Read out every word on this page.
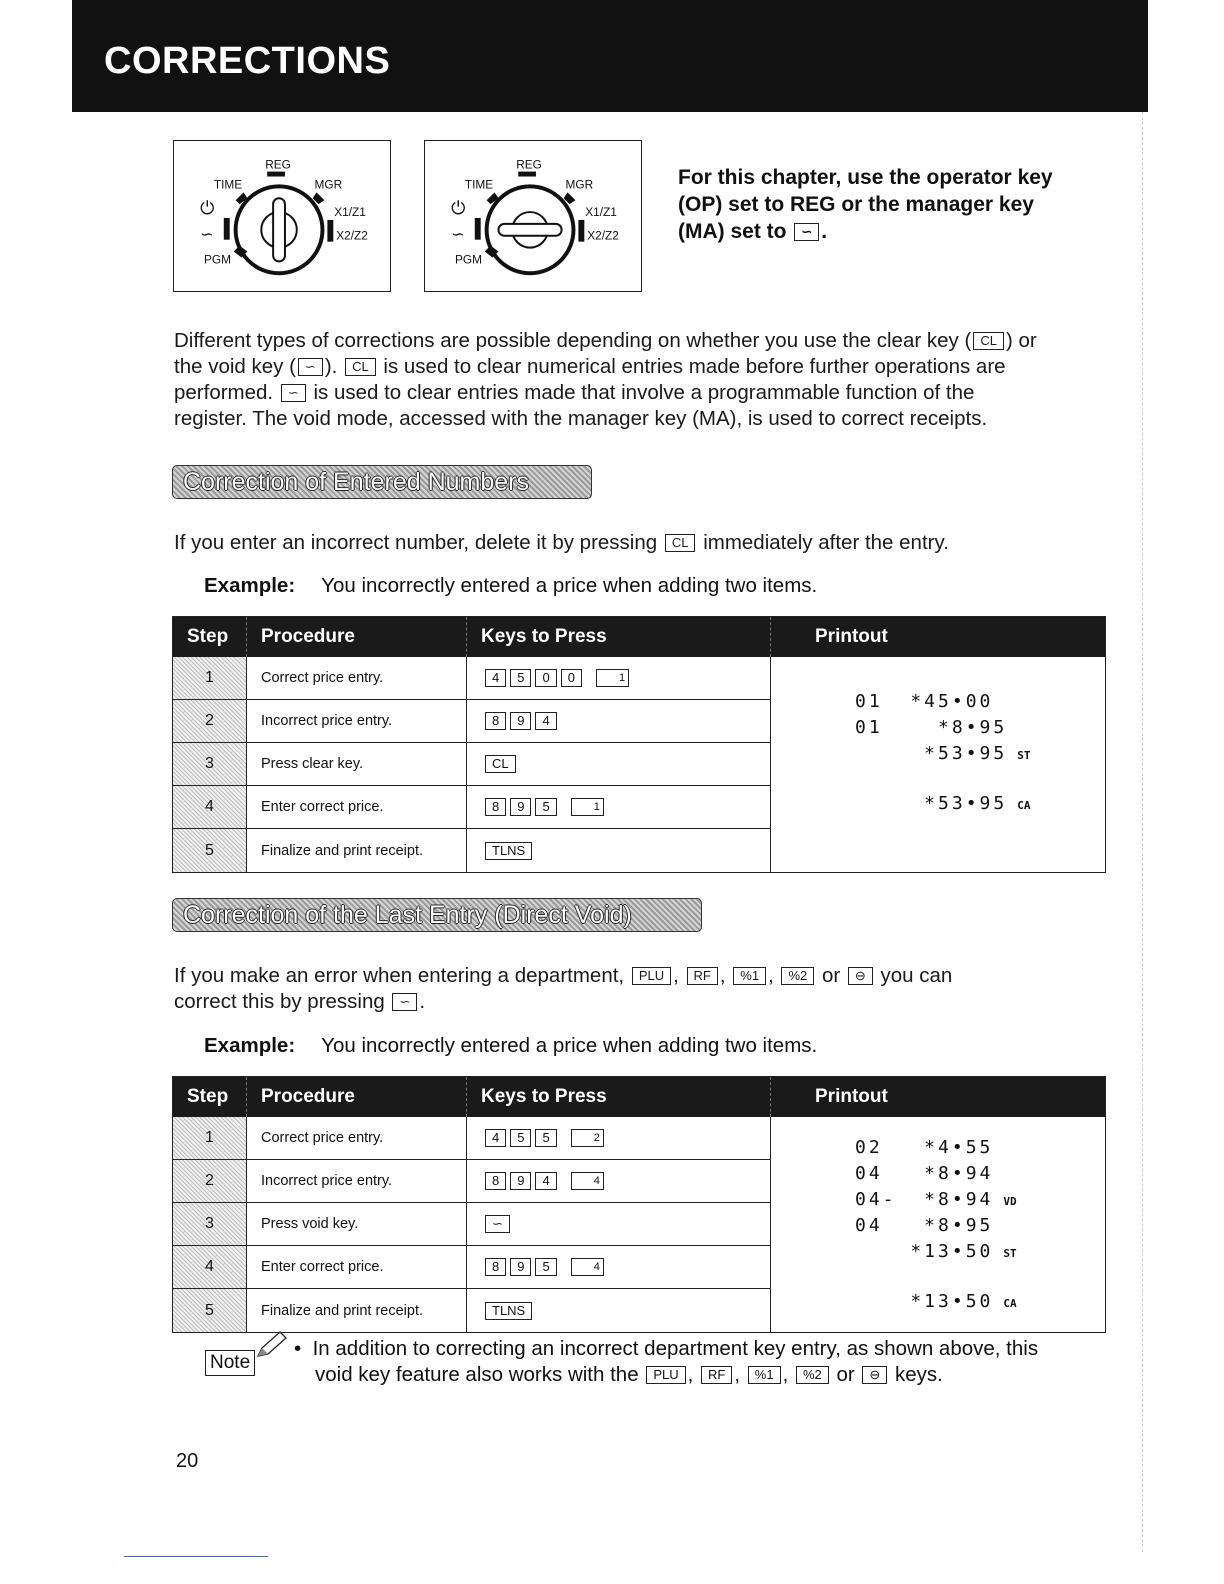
CORRECTIONS
REG
TIME	MGR
⏻	X1/Z1
∽	X2/Z2
PGM
REG
TIME	MGR
⏻	X1/Z1
∽	X2/Z2
PGM
For this chapter, use the operator key
(OP) set to REG or the manager key
(MA) set to ∽ .
Different types of corrections are possible depending on whether you use the clear key ( CL ) or
the void key ( ∽ ). CL is used to clear numerical entries made before further operations are
performed. ∽ is used to clear entries made that involve a programmable function of the
register. The void mode, accessed with the manager key (MA), is used to correct receipts.
Correction of Entered Numbers
If you enter an incorrect number, delete it by pressing CL immediately after the entry.
Example: You incorrectly entered a price when adding two items.
Step	Procedure	Keys to Press	Printout
1	Correct price entry.	4	5	0	0	1
2	Incorrect price entry.	8	9	4
3	Press clear key.	CL
4	Enter correct price.	8	9	5	1
5	Finalize and print receipt.	TLNS
01  *45•00
01    *8•95
*53•95 ST
*53•95 CA
Correction of the Last Entry (Direct Void)
If you make an error when entering a department, PLU , RF , %1 , %2 or ⊖ you can
correct this by pressing ∽ .
Example: You incorrectly entered a price when adding two items.
Step	Procedure	Keys to Press	Printout
1	Correct price entry.	4	5	5	2
2	Incorrect price entry.	8	9	4	4
3	Press void key.	∽
4	Enter correct price.	8	9	5	4
5	Finalize and print receipt.	TLNS
02   *4•55
04   *8•94
04-  *8•94 VD
04   *8•95
*13•50 ST
*13•50 CA
Note
• In addition to correcting an incorrect department key entry, as shown above, this
void key feature also works with the PLU , RF , %1 , %2 or ⊖ keys.
20
